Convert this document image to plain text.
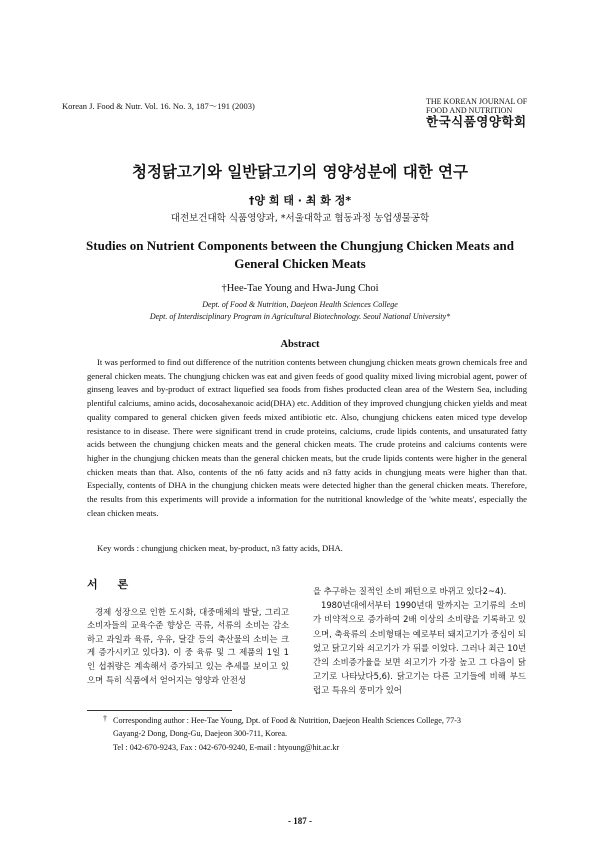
Korean J. Food & Nutr. Vol. 16. No. 3, 187～191 (2003)	THE KOREAN JOURNAL OF
FOOD AND NUTRITION
한국식품영양학회
청정닭고기와 일반닭고기의 영양성분에 대한 연구
†양 희 태 · 최 화 정*
대전보건대학 식품영양과, *서울대학교 협동과정 농업생물공학
Studies on Nutrient Components between the Chungjung Chicken Meats and General Chicken Meats
†Hee-Tae Young and Hwa-Jung Choi
Dept. of Food & Nutrition, Daejeon Health Sciences College
Dept. of Interdisciplinary Program in Agricultural Biotechnology. Seoul National University*
Abstract

It was performed to find out difference of the nutrition contents between chungjung chicken meats grown chemicals free and general chicken meats. The chungjung chicken was eat and given feeds of good quality mixed living microbial agent, power of ginseng leaves and by-product of extract liquefied sea foods from fishes producted clean area of the Western Sea, including plentiful calciums, amino acids, docosahexanoic acid(DHA) etc. Addition of they improved chungjung chicken yields and meat quality compared to general chicken given feeds mixed antibiotic etc. Also, chungjung chickens eaten miced type develop resistance to in disease. There were significant trend in crude proteins, calciums, crude lipids contents, and unsaturated fatty acids between the chungjung chicken meats and the general chicken meats. The crude proteins and calciums contents were higher in the chungjung chicken meats than the general chicken meats, but the crude lipids contents were higher in the general chicken meats than that. Also, contents of the n6 fatty acids and n3 fatty acids in chungjung meats were higher than that. Especially, contents of DHA in the chungjung chicken meats were detected higher than the general chicken meats. Therefore, the results from this experiments will provide a information for the nutritional knowledge of the 'white meats', especially the clean chicken meats.

Key words : chungjung chicken meat, by-product, n3 fatty acids, DHA.

서 론

경제 성장으로 인한 도시화, 대중매체의 발달, 그리고 소비자들의 교육수준 향상은 곡류, 서류의 소비는 감소하고 과일과 육류, 우유, 달걀 등의 축산물의 소비는 크게 증가시키고 있다3). 이 중 육류 및 그 제품의 1일 1인 섭취량은 계속해서 증가되고 있는 추세를 보이고 있으며 특히 식품에서 얻어지는 영양과 안전성

을 추구하는 질적인 소비 패턴으로 바뀌고 있다2~4).

1980년대에서부터 1990년대 말까지는 고기류의 소비가 비약적으로 증가하여 2배 이상의 소비량을 기록하고 있으며, 축육류의 소비형태는 예로부터 돼지고기가 중심이 되었고 닭고기와 쇠고기가 가 뒤를 이었다. 그러나 최근 10년간의 소비증가율을 보면 쇠고기가 가장 높고 그 다음이 닭고기로 나타났다5,6). 닭고기는 다른 고기들에 비해 부드럽고 특유의 풍미가 있어

† Corresponding author : Hee-Tae Young, Dpt. of Food & Nutrition, Daejeon Health Sciences College, 77-3
Gayang-2 Dong, Dong-Gu, Daejeon 300-711, Korea.
Tel : 042-670-9243, Fax : 042-670-9240, E-mail : htyoung@hit.ac.kr
- 187 -
